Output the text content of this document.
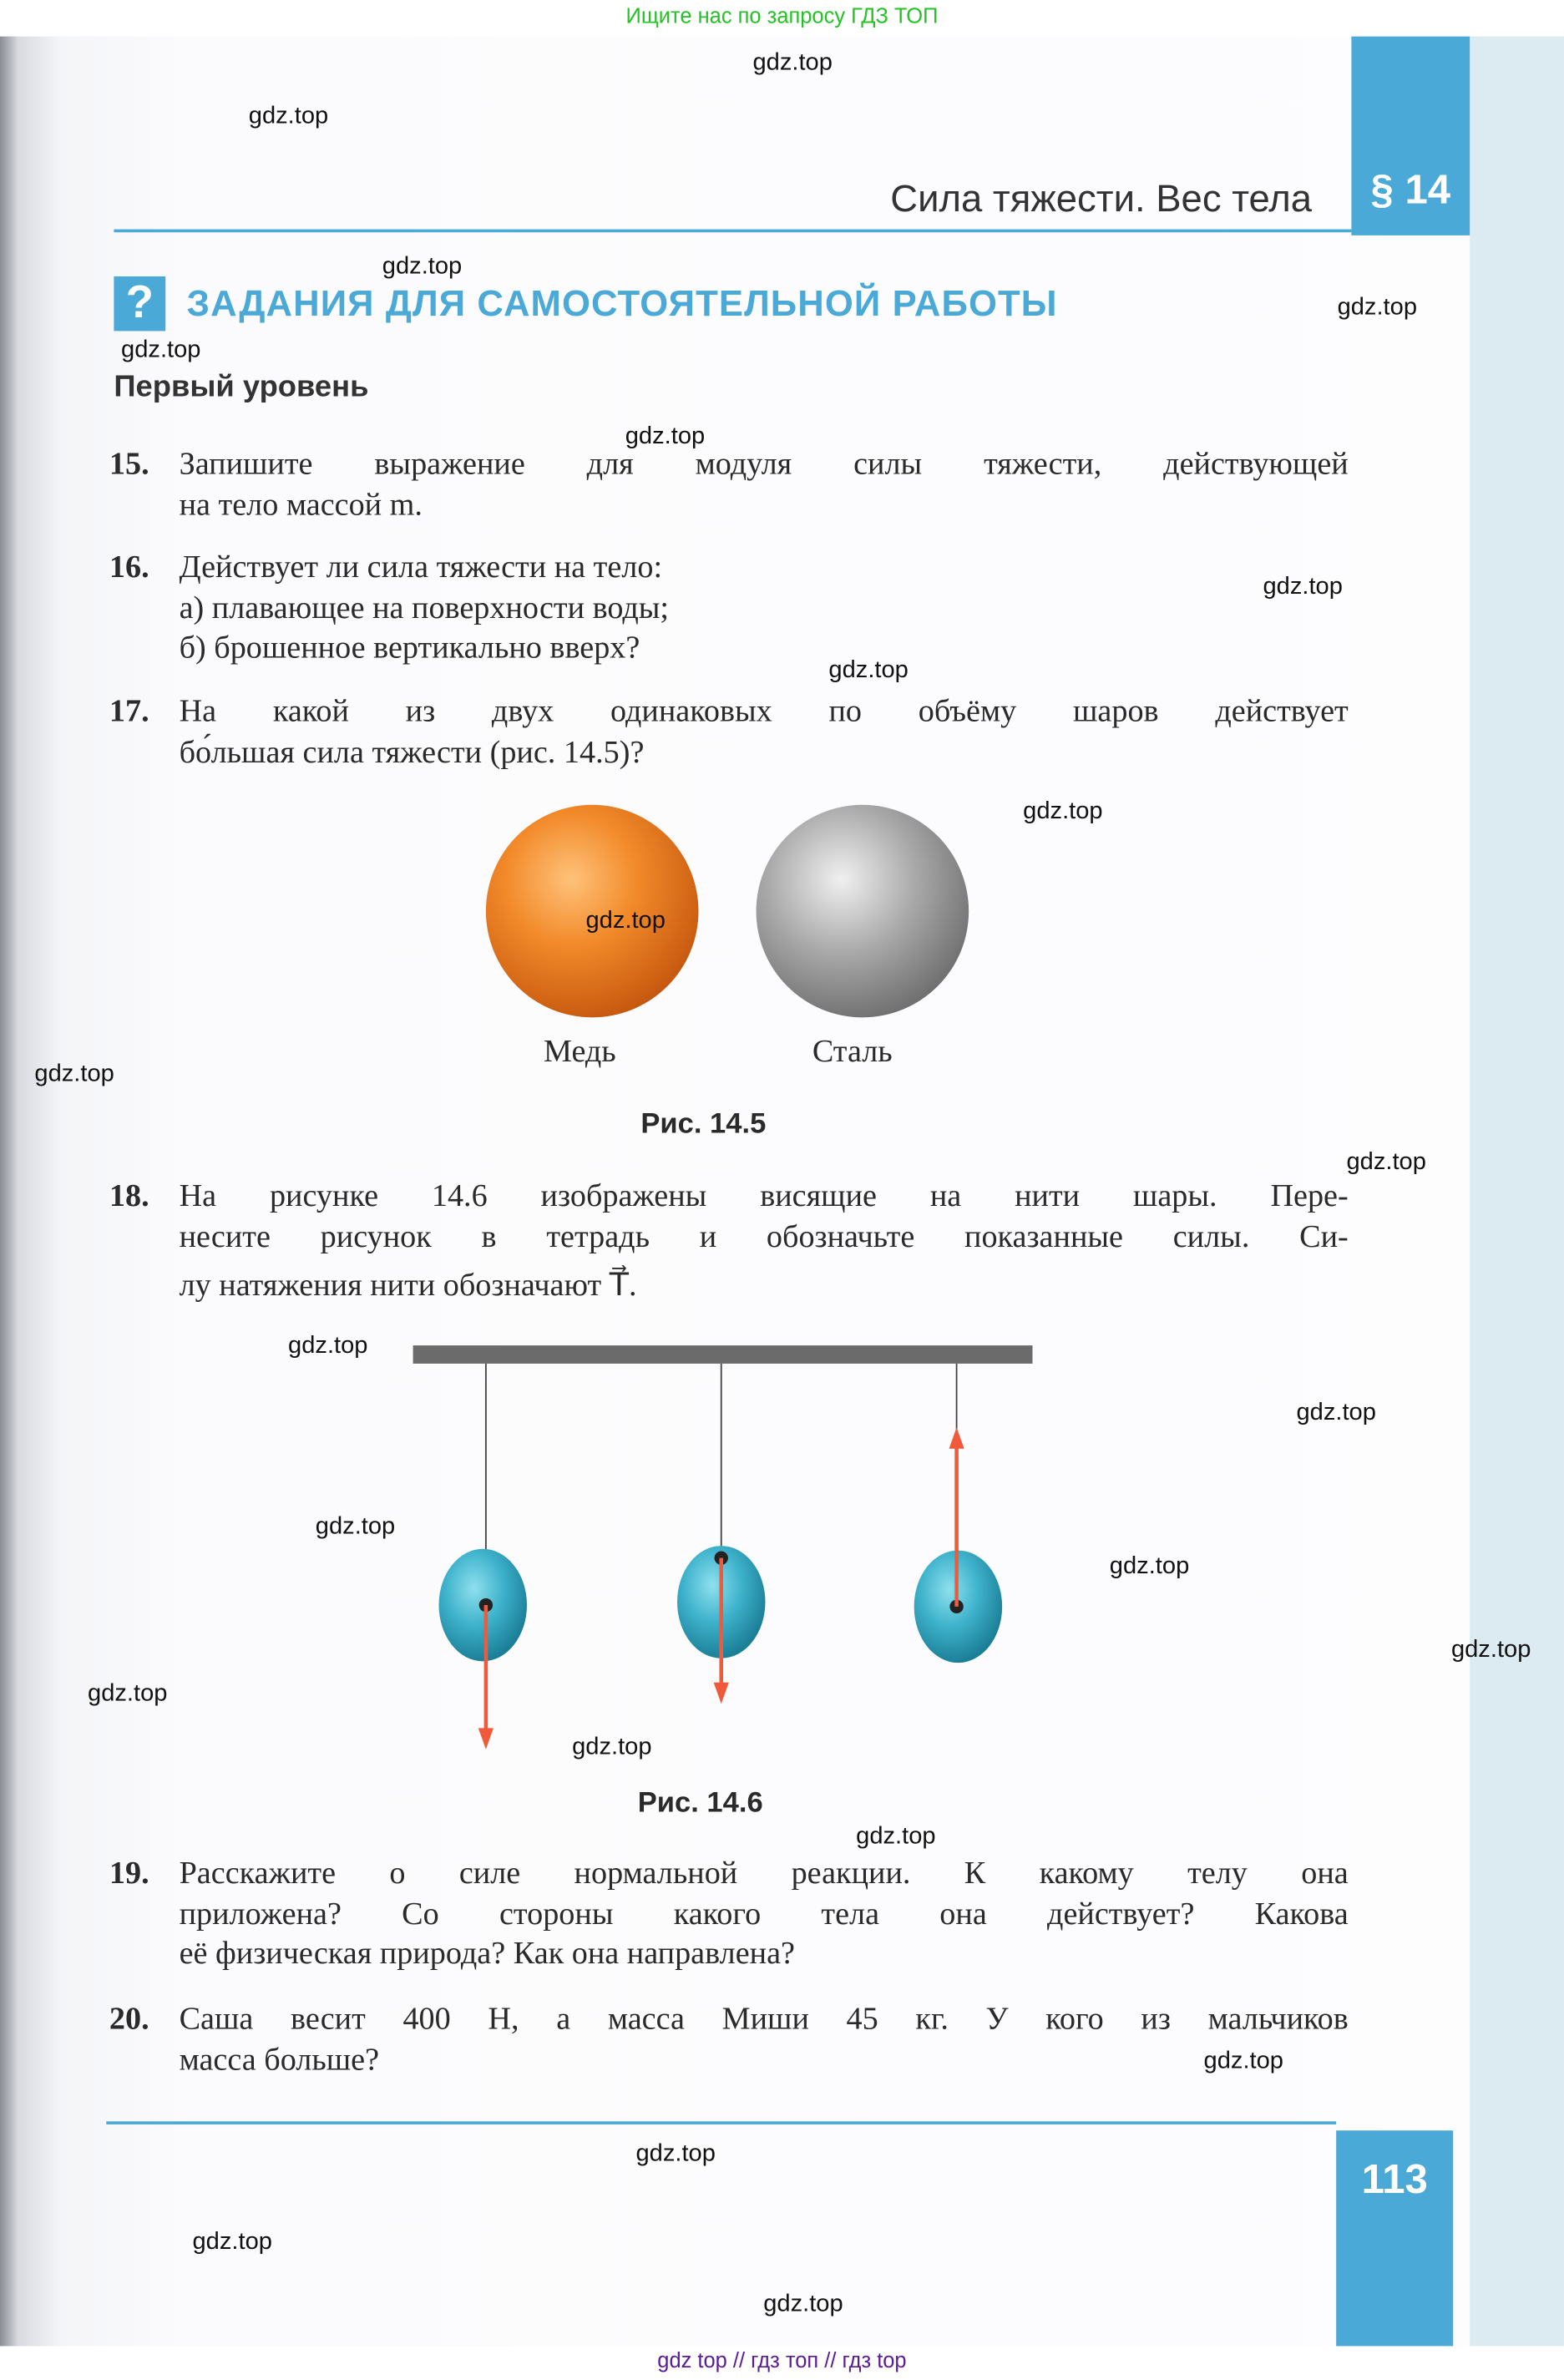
Ищите нас по запросу ГДЗ ТОП
§ 14
Сила тяжести. Вес тела
?	ЗАДАНИЯ ДЛЯ САМОСТОЯТЕЛЬНОЙ РАБОТЫ
Первый уровень
15. Запишите выражение для модуля силы тяжести, действующей
на тело массой m.
16. Действует ли сила тяжести на тело:
а) плавающее на поверхности воды;
б) брошенное вертикально вверх?
17. На какой из двух одинаковых по объёму шаров действует
бо́льшая сила тяжести (рис. 14.5)?
Медь	Сталь
Рис. 14.5
18. На рисунке 14.6 изображены висящие на нити шары. Пере-
несите рисунок в тетрадь и обозначьте показанные силы. Си-
лу натяжения нити обозначают T⃗.
Рис. 14.6
19. Расскажите о силе нормальной реакции. К какому телу она
приложена? Со стороны какого тела она действует? Какова
её физическая природа? Как она направлена?
20. Саша весит 400 Н, а масса Миши 45 кг. У кого из мальчиков
масса больше?
113
gdz top // гдз топ // гдз top
gdz.top
gdz.top
gdz.top
gdz.top
gdz.top
gdz.top
gdz.top
gdz.top
gdz.top
gdz.top
gdz.top
gdz.top
gdz.top
gdz.top
gdz.top
gdz.top
gdz.top
gdz.top
gdz.top
gdz.top
gdz.top
gdz.top
gdz.top
gdz.top
